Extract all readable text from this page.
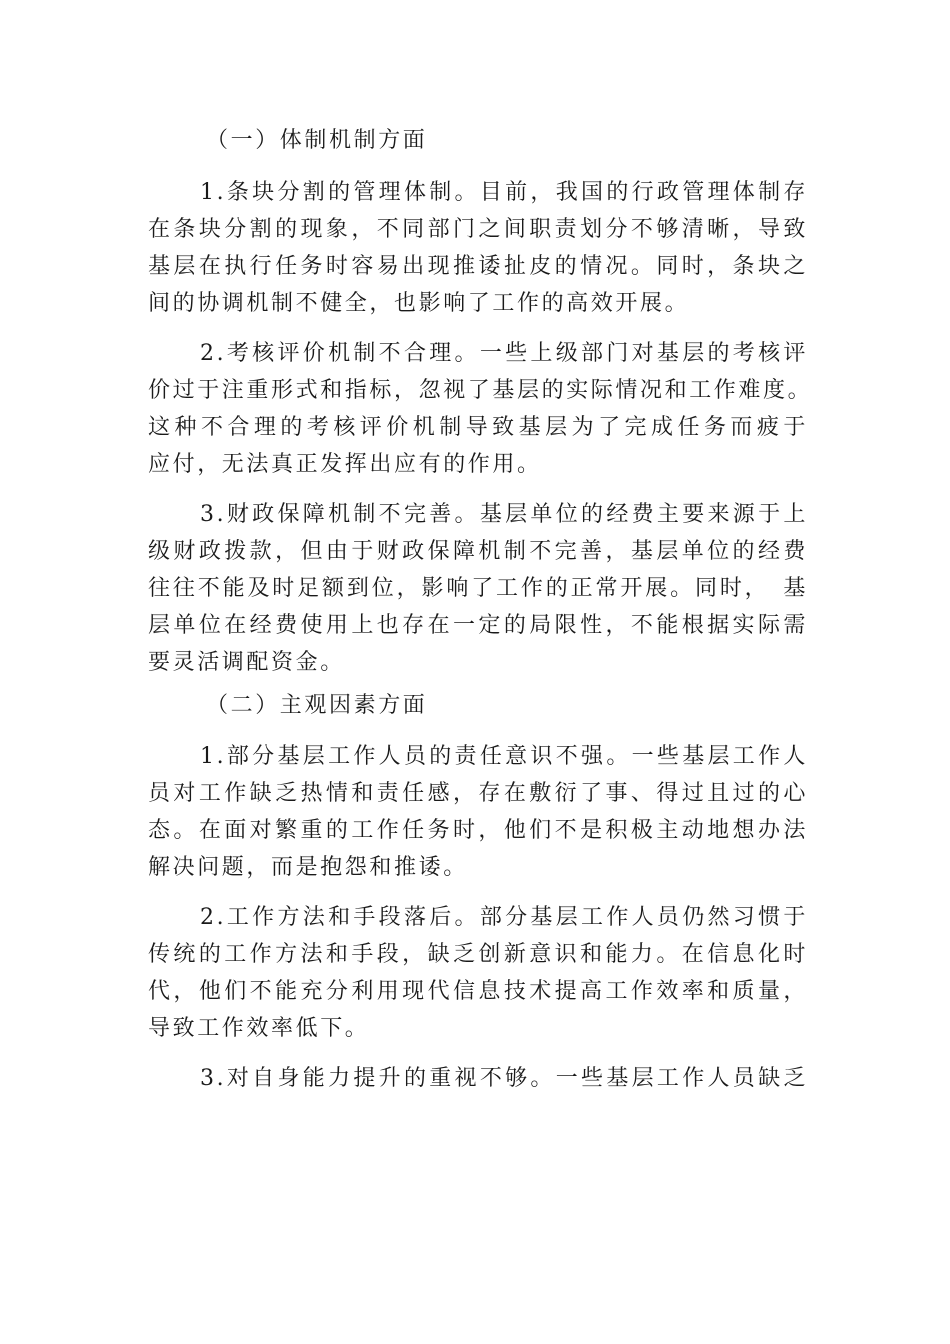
（一）体制机制方面
1.条块分割的管理体制。目前，我国的行政管理体制存
在条块分割的现象，不同部门之间职责划分不够清晰，导致
基层在执行任务时容易出现推诿扯皮的情况。同时，条块之
间的协调机制不健全，也影响了工作的高效开展。
2.考核评价机制不合理。一些上级部门对基层的考核评
价过于注重形式和指标，忽视了基层的实际情况和工作难度。
这种不合理的考核评价机制导致基层为了完成任务而疲于
应付，无法真正发挥出应有的作用。
3.财政保障机制不完善。基层单位的经费主要来源于上
级财政拨款，但由于财政保障机制不完善，基层单位的经费
往往不能及时足额到位，影响了工作的正常开展。同时，　基
层单位在经费使用上也存在一定的局限性，不能根据实际需
要灵活调配资金。
（二）主观因素方面
1.部分基层工作人员的责任意识不强。一些基层工作人
员对工作缺乏热情和责任感，存在敷衍了事、得过且过的心
态。在面对繁重的工作任务时，他们不是积极主动地想办法
解决问题，而是抱怨和推诿。
2.工作方法和手段落后。部分基层工作人员仍然习惯于
传统的工作方法和手段，缺乏创新意识和能力。在信息化时
代，他们不能充分利用现代信息技术提高工作效率和质量，
导致工作效率低下。
3.对自身能力提升的重视不够。一些基层工作人员缺乏
